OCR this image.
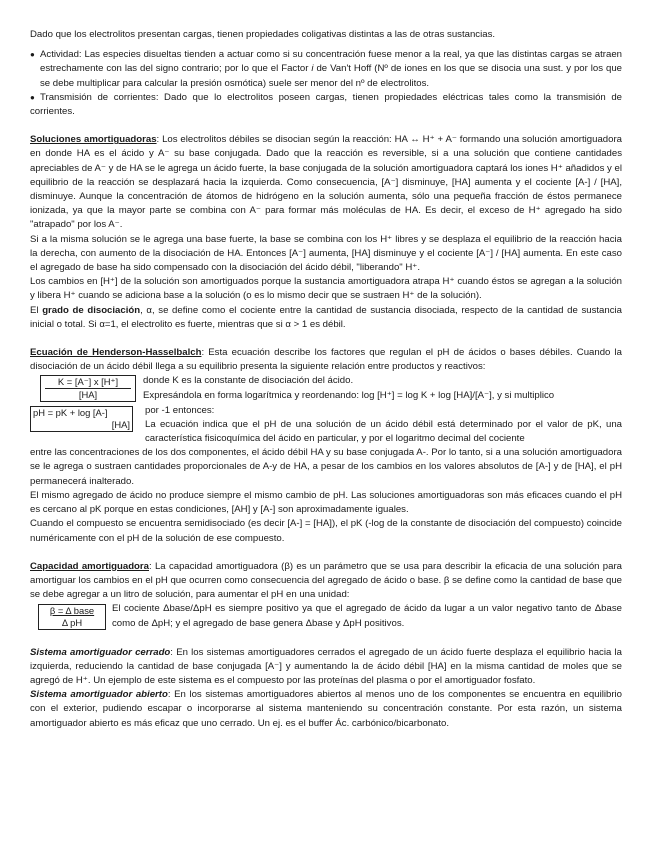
Dado que los electrolitos presentan cargas, tienen propiedades coligativas distintas a las de otras sustancias.

● Actividad: Las especies disueltas tienden a actuar como si su concentración fuese menor a la real, ya que las distintas cargas se atraen estrechamente con las del signo contrario; por lo que el Factor i de Van't Hoff (Nº de iones en los que se disocia una sust. y por los que se debe multiplicar para calcular la presión osmótica) suele ser menor del nº de electrolitos.

● Transmisión de corrientes: Dado que lo electrolitos poseen cargas, tienen propiedades eléctricas tales como la transmisión de corrientes.

Soluciones amortiguadoras: Los electrolitos débiles se disocian según la reacción: HA ↔ H⁺ + A⁻ formando una solución amortiguadora en donde HA es el ácido y A⁻ su base conjugada. Dado que la reacción es reversible, si a una solución que contiene cantidades apreciables de A⁻ y de HA se le agrega un ácido fuerte, la base conjugada de la solución amortiguadora captará los iones H⁺ añadidos y el equilibrio de la reacción se desplazará hacia la izquierda. Como consecuencia, [A⁻] disminuye, [HA] aumenta y el cociente [A-] / [HA], disminuye. Aunque la concentración de átomos de hidrógeno en la solución aumenta, sólo una pequeña fracción de éstos permanece ionizada, ya que la mayor parte se combina con A⁻ para formar más moléculas de HA. Es decir, el exceso de H⁺ agregado ha sido "atrapado" por los A⁻.

Si a la misma solución se le agrega una base fuerte, la base se combina con los H⁺ libres y se desplaza el equilibrio de la reacción hacia la derecha, con aumento de la disociación de HA. Entonces [A⁻] aumenta, [HA] disminuye y el cociente [A⁻] / [HA] aumenta. En este caso el agregado de base ha sido compensado con la disociación del ácido débil, "liberando" H⁺.

Los cambios en [H⁺] de la solución son amortiguados porque la sustancia amortiguadora atrapa H⁺ cuando éstos se agregan a la solución y libera H⁺ cuando se adiciona base a la solución (o es lo mismo decir que se sustraen H⁺ de la solución).

El grado de disociación, α, se define como el cociente entre la cantidad de sustancia disociada, respecto de la cantidad de sustancia inicial o total. Si α=1, el electrolito es fuerte, mientras que si α > 1 es débil.

Ecuación de Henderson-Hasselbalch: Esta ecuación describe los factores que regulan el pH de ácidos o bases débiles. Cuando la disociación de un ácido débil llega a su equilibrio presenta la siguiente relación entre productos y reactivos:

$\frac{K = [A^-] x [H^+]}{[HA]}$ donde K es la constante de disociación del ácido.

Expresándola en forma logarítmica y reordenando: log [H⁺] = log K + log [HA]/[A⁻], y si multiplico

pH = pK + log [A-]
[HA]

por -1 entonces:

La ecuación indica que el pH de una solución de un ácido débil está determinado por el valor de pK, una característica fisicoquímica del ácido en particular, y por el logaritmo decimal del cociente

entre las concentraciones de los dos componentes, el ácido débil HA y su base conjugada A-. Por lo tanto, si a una solución amortiguadora se le agrega o sustraen cantidades proporcionales de A-y de HA, a pesar de los cambios en los valores absolutos de [A-] y de [HA], el pH permanecerá inalterado.

El mismo agregado de ácido no produce siempre el mismo cambio de pH. Las soluciones amortiguadoras son más eficaces cuando el pH es cercano al pK porque en estas condiciones, [AH] y [A-] son aproximadamente iguales.

Cuando el compuesto se encuentra semidisociado (es decir [A-] = [HA]), el pK (-log de la constante de disociación del compuesto) coincide numéricamente con el pH de la solución de ese compuesto.

Capacidad amortiguadora: La capacidad amortiguadora (β) es un parámetro que se usa para describir la eficacia de una solución para amortiguar los cambios en el pH que ocurren como consecuencia del agregado de ácido o base. β se define como la cantidad de base que se debe agregar a un litro de solución, para aumentar el pH en una unidad:

β = Δ base
Δ pH

El cociente Δbase/ΔpH es siempre positivo ya que el agregado de ácido da lugar a un valor negativo tanto de Δbase como de ΔpH; y el agregado de base genera Δbase y ΔpH positivos.

Sistema amortiguador cerrado: En los sistemas amortiguadores cerrados el agregado de un ácido fuerte desplaza el equilibrio hacia la izquierda, reduciendo la cantidad de base conjugada [A⁻] y aumentando la de ácido débil [HA] en la misma cantidad de moles que se agregó de H⁺. Un ejemplo de este sistema es el compuesto por las proteínas del plasma o por el amortiguador fosfato.

Sistema amortiguador abierto: En los sistemas amortiguadores abiertos al menos uno de los componentes se encuentra en equilibrio con el exterior, pudiendo escapar o incorporarse al sistema manteniendo su concentración constante. Por esta razón, un sistema amortiguador abierto es más eficaz que uno cerrado. Un ej. es el buffer Ác. carbónico/bicarbonato.
